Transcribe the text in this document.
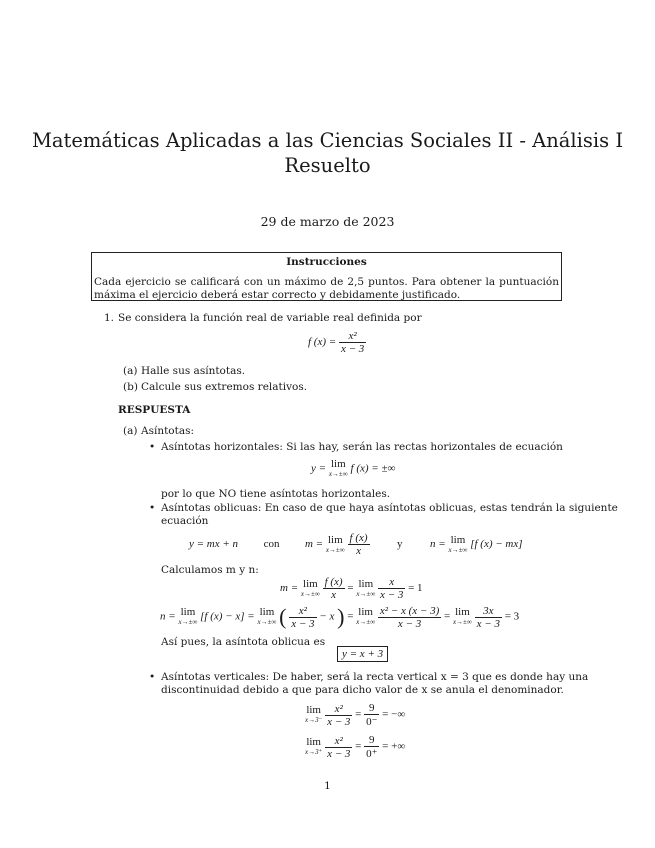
Matemáticas Aplicadas a las Ciencias Sociales II - Análisis I
Resuelto
29 de marzo de 2023
Instrucciones
Cada ejercicio se calificará con un máximo de 2,5 puntos. Para obtener la puntuación máxima el ejercicio deberá estar correcto y debidamente justificado.
1. Se considera la función real de variable real definida por
f $(x) = \frac{\text{x²}}{x - 3}$
(a) Halle sus asíntotas.
(b) Calcule sus extremos relativos.
RESPUESTA
(a) Asíntotas:
• Asíntotas horizontales: Si las hay, serán las rectas horizontales de ecuación
y = lim
x→±∞ f (x) = ±∞
por lo que NO tiene asíntotas horizontales.
• Asíntotas oblicuas: En caso de que haya asíntotas oblicuas, estas tendrán la siguiente
ecuación
y = mx + n con m = lim
x→±∞
$\frac{f (x)}{x}$	y	n = lim
x→±∞ [f (x) − mx]
Calculamos m y n:
m = lim
x→±∞
$\frac{f (x)}{x} = \lim$
x→±∞
$\frac{x}{x - 3} = 1$
n = lim
x→±∞ [f (x) − x] = lim
x→±∞ ( $\frac{\text{x²}}{x - 3} - x$ ) = lim
x→±∞
$\frac{\text{x² − x (x − 3)}}{x - 3} = \lim$
x→±∞
$\frac{3x}{x - 3} = 3$
Así pues, la asíntota oblicua es
y = x + 3
• Asíntotas verticales: De haber, será la recta vertical x = 3 que es donde hay una
discontinuidad debido a que para dicho valor de x se anula el denominador.
lim
x→3⁻
$\frac{\text{x²}}{x - 3} = \frac{9}{0^-}$ = −∞
lim
x→3⁺
$\frac{\text{x²}}{x - 3} = \frac{9}{0^+}$ = +∞
1
